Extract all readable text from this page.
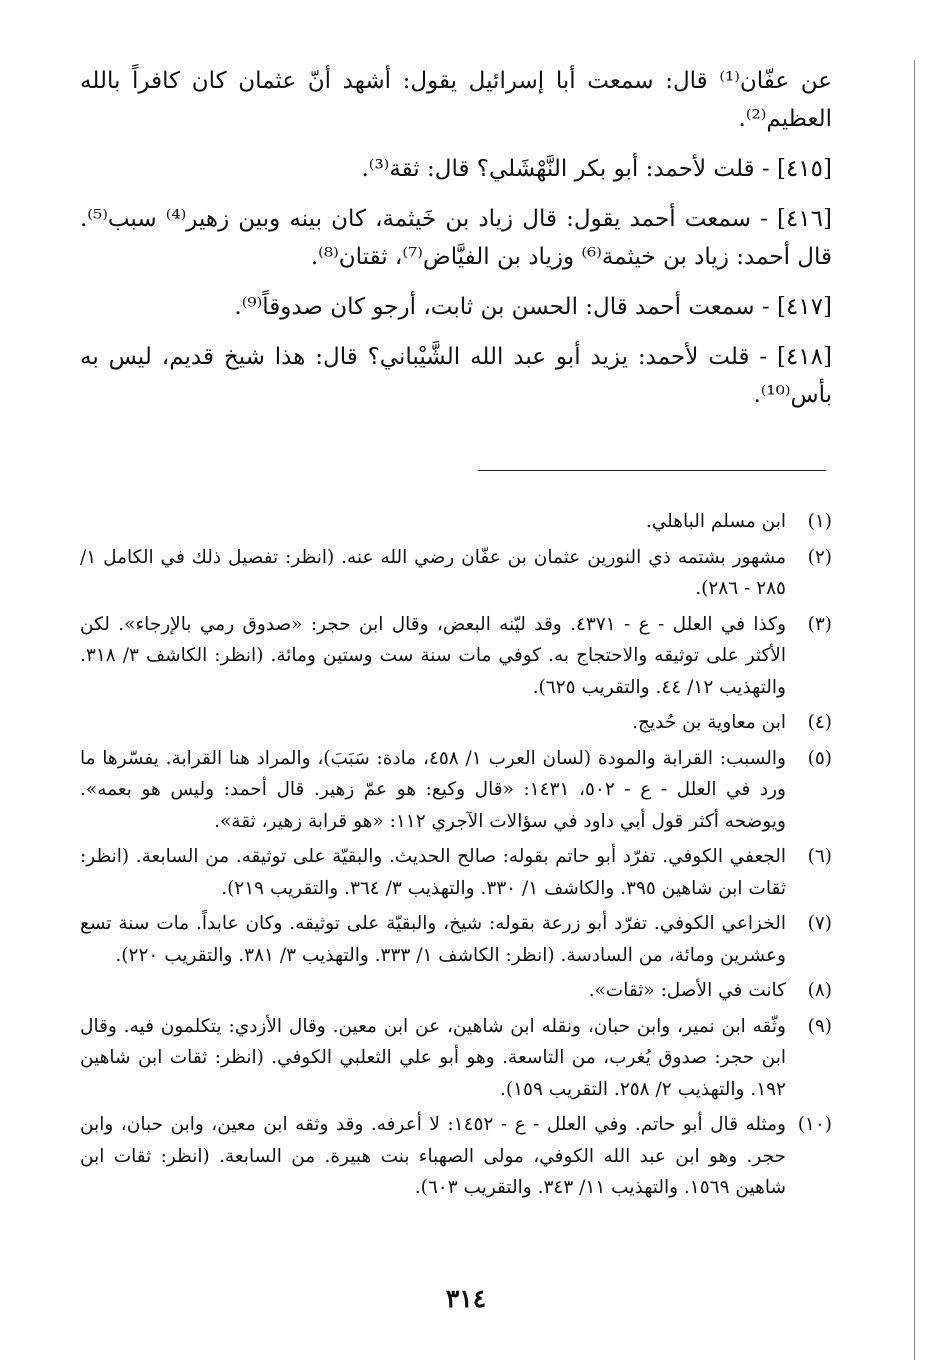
عن عفّان⁽¹⁾ قال: سمعت أبا إسرائيل يقول: أشهد أنّ عثمان كان كافراً بالله العظيم⁽²⁾.

[٤١٥] - قلت لأحمد: أبو بكر النَّهْشَلي؟ قال: ثقة⁽³⁾.

[٤١٦] - سمعت أحمد يقول: قال زياد بن خَيثمة، كان بينه وبين زهير⁽⁴⁾ سبب⁽⁵⁾. قال أحمد: زياد بن خيثمة⁽⁶⁾ وزياد بن الفيَّاض⁽⁷⁾، ثقتان⁽⁸⁾.

[٤١٧] - سمعت أحمد قال: الحسن بن ثابت، أرجو كان صدوقاً⁽⁹⁾.

[٤١٨] - قلت لأحمد: يزيد أبو عبد الله الشَّيْباني؟ قال: هذا شيخ قديم، ليس به بأس⁽¹⁰⁾.

(١)
ابن مسلم الباهلي.
(٢)
مشهور بشتمه ذي النورين عثمان بن عفّان رضي الله عنه. (انظر: تفصيل ذلك في الكامل ١/ ٢٨٥ - ٢٨٦).
(٣)
وكذا في العلل - ع - ٤٣٧١. وقد ليّنه البعض، وقال ابن حجر: «صدوق رمي بالإرجاء». لكن الأكثر على توثيقه والاحتجاج به. كوفي مات سنة ست وستين ومائة. (انظر: الكاشف ٣/ ٣١٨. والتهذيب ١٢/ ٤٤. والتقريب ٦٢٥).
(٤)
ابن معاوية بن حُديج.
(٥)
والسبب: القرابة والمودة (لسان العرب ١/ ٤٥٨، مادة: سَبَبَ)، والمراد هنا القرابة. يفسّرها ما ورد في العلل - ع - ٥٠٢، ١٤٣١: «قال وكيع: هو عمّ زهير. قال أحمد: وليس هو بعمه». ويوضحه أكثر قول أبي داود في سؤالات الآجري ١١٢: «هو قرابة زهير، ثقة».
(٦)
الجعفي الكوفي. تفرّد أبو حاتم بقوله: صالح الحديث. والبقيّة على توثيقه. من السابعة. (انظر: ثقات ابن شاهين ٣٩٥. والكاشف ١/ ٣٣٠. والتهذيب ٣/ ٣٦٤. والتقريب ٢١٩).
(٧)
الخزاعي الكوفي. تفرّد أبو زرعة بقوله: شيخ، والبقيّة على توثيقه. وكان عابداً. مات سنة تسع وعشرين ومائة، من السادسة. (انظر: الكاشف ١/ ٣٣٣. والتهذيب ٣/ ٣٨١. والتقريب ٢٢٠).
(٨)
كانت في الأصل: «ثقات».
(٩)
وثّقه ابن نمير، وابن حبان، ونقله ابن شاهين، عن ابن معين. وقال الأزدي: يتكلمون فيه. وقال ابن حجر: صدوق يُغرب، من التاسعة. وهو أبو علي الثعلبي الكوفي. (انظر: ثقات ابن شاهين ١٩٢. والتهذيب ٢/ ٢٥٨. التقريب ١٥٩).
(١٠)
ومثله قال أبو حاتم. وفي العلل - ع - ١٤٥٢: لا أعرفه. وقد وثقه ابن معين، وابن حبان، وابن حجر. وهو ابن عبد الله الكوفي، مولى الصهباء بنت هبيرة. من السابعة. (انظر: ثقات ابن شاهين ١٥٦٩. والتهذيب ١١/ ٣٤٣. والتقريب ٦٠٣).
٣١٤
